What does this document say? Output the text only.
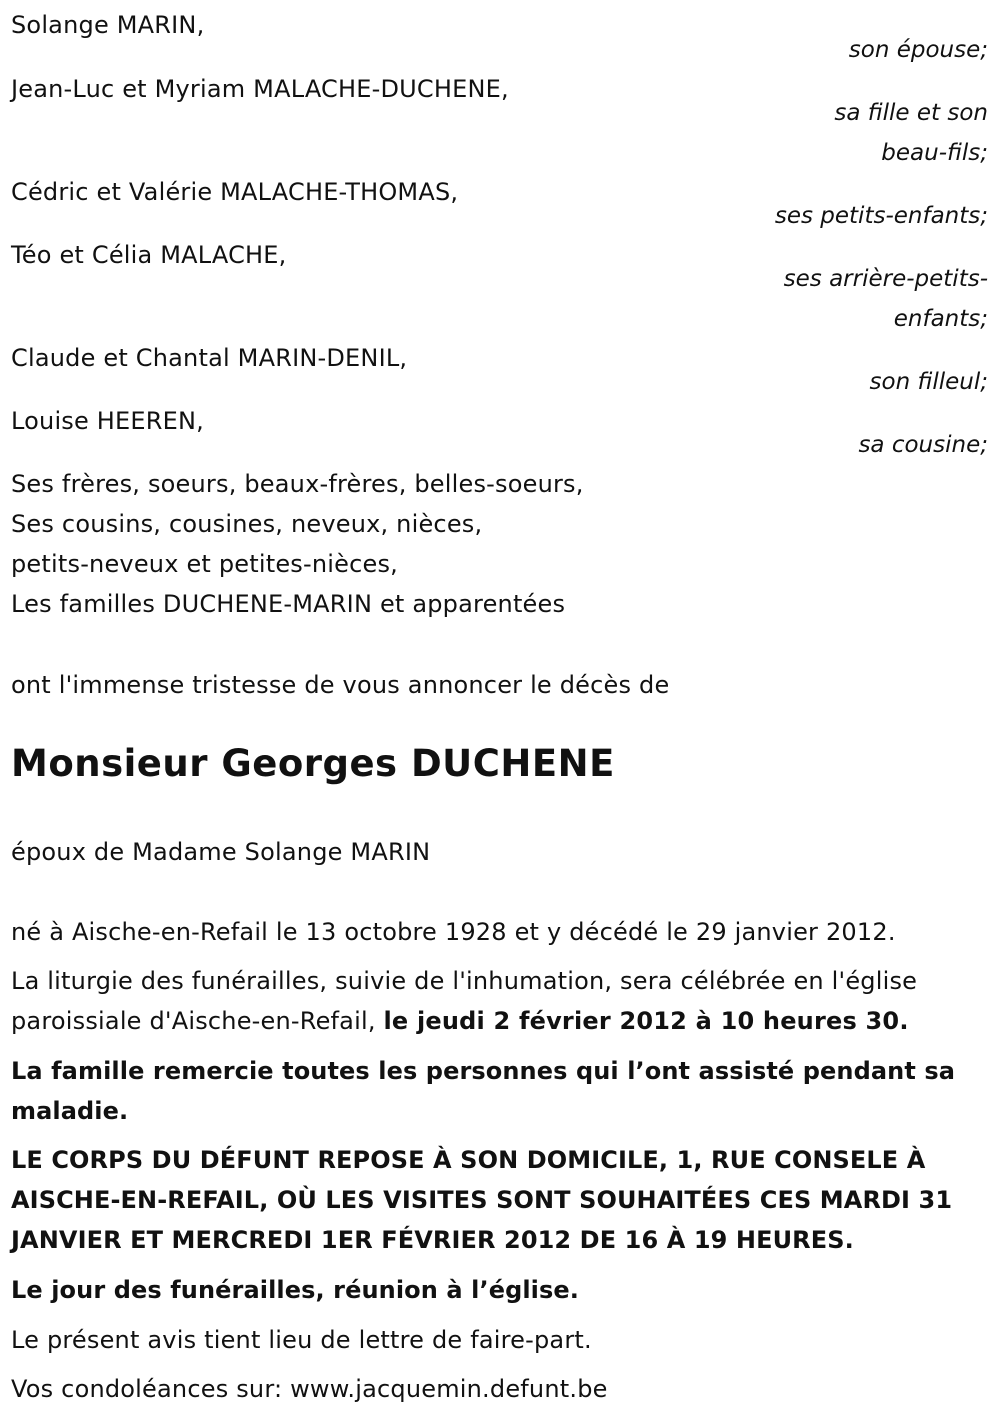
Solange MARIN,
son épouse;
Jean-Luc et Myriam MALACHE-DUCHENE,
sa fille et son
beau-fils;
Cédric et Valérie MALACHE-THOMAS,
ses petits-enfants;
Téo et Célia MALACHE,
ses arrière-petits-
enfants;
Claude et Chantal MARIN-DENIL,
son filleul;
Louise HEEREN,
sa cousine;
Ses frères, soeurs, beaux-frères, belles-soeurs,
Ses cousins, cousines, neveux, nièces,
petits-neveux et petites-nièces,
Les familles DUCHENE-MARIN et apparentées
ont l'immense tristesse de vous annoncer le décès de
Monsieur Georges DUCHENE
époux de Madame Solange MARIN
né à Aische-en-Refail le 13 octobre 1928 et y décédé le 29 janvier 2012.
La liturgie des funérailles, suivie de l'inhumation, sera célébrée en l'église
paroissiale d'Aische-en-Refail, le jeudi 2 février 2012 à 10 heures 30.
La famille remercie toutes les personnes qui l’ont assisté pendant sa
maladie.
LE CORPS DU DÉFUNT REPOSE À SON DOMICILE, 1, RUE CONSELE À
AISCHE-EN-REFAIL, OÙ LES VISITES SONT SOUHAITÉES CES MARDI 31
JANVIER ET MERCREDI 1ER FÉVRIER 2012 DE 16 À 19 HEURES.
Le jour des funérailles, réunion à l’église.
Le présent avis tient lieu de lettre de faire-part.
Vos condoléances sur: www.jacquemin.defunt.be
